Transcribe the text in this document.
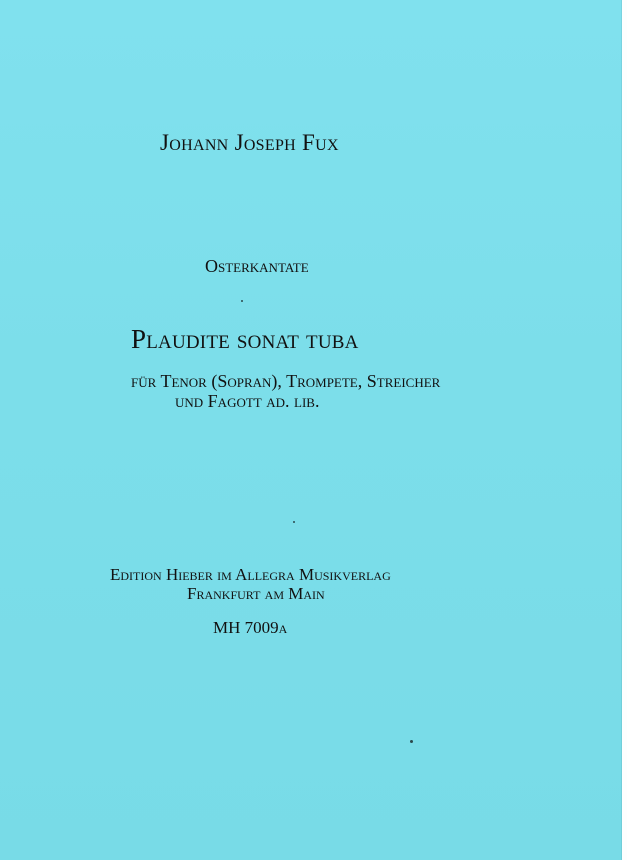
Johann Joseph Fux

Osterkantate

Plaudite sonat tuba

für Tenor (Sopran), Trompete, Streicher

und Fagott ad. lib.

Edition Hieber im Allegra Musikverlag

Frankfurt am Main

MH 7009a
